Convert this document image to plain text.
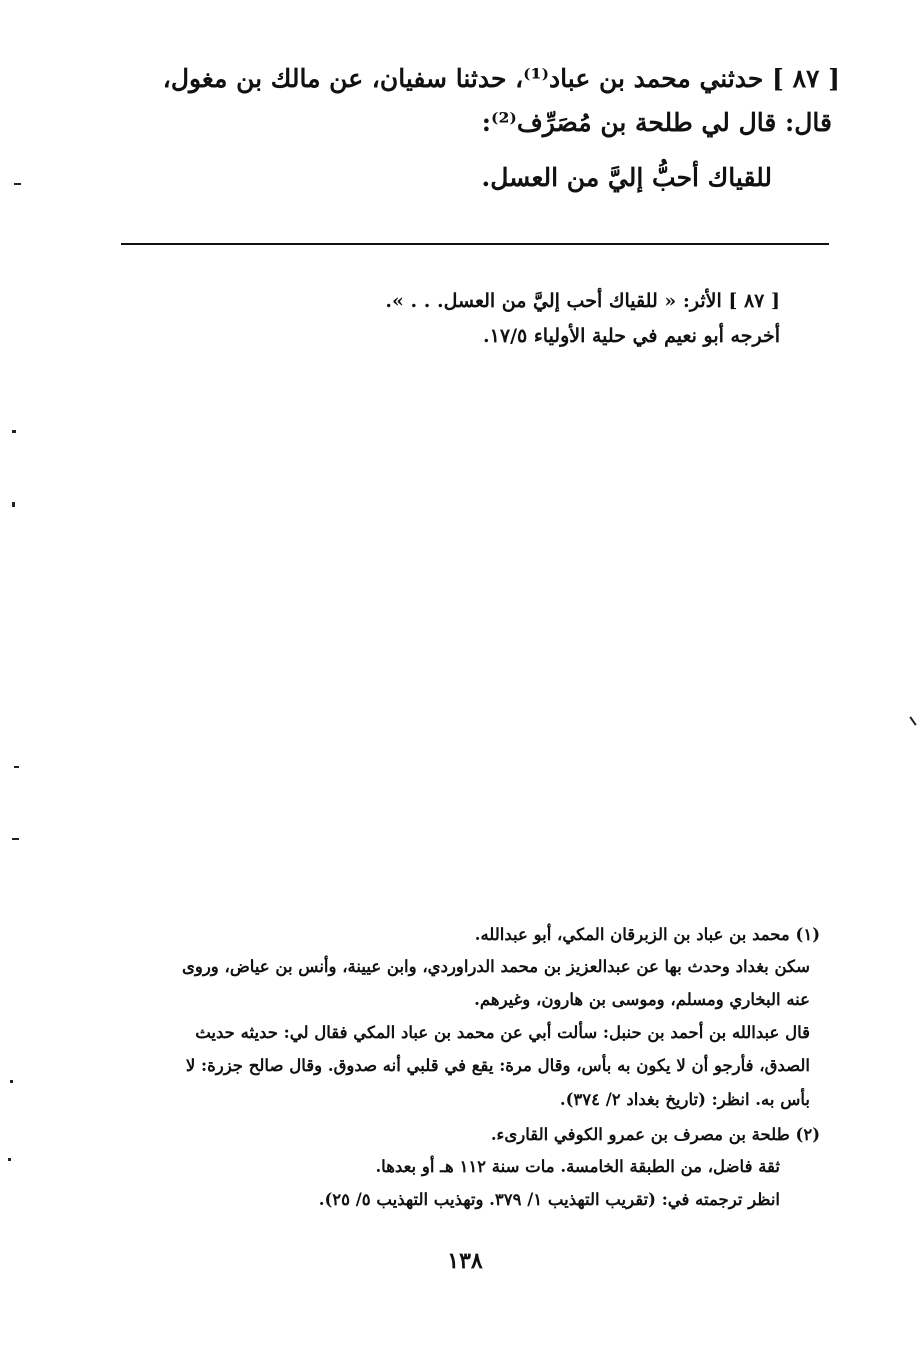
[ ٨٧ ] حدثني محمد بن عباد⁽¹⁾، حدثنا سفيان، عن مالك بن مغول،
قال: قال لي طلحة بن مُصَرِّف⁽²⁾:
للقياك أحبُّ إليَّ من العسل.
[ ٨٧ ] الأثر: « للقياك أحب إليَّ من العسل. . . ».
أخرجه أبو نعيم في حلية الأولياء ١٧/٥.
(١) محمد بن عباد بن الزبرقان المكي، أبو عبدالله.
سكن بغداد وحدث بها عن عبدالعزيز بن محمد الدراوردي، وابن عيينة، وأنس بن عياض، وروى
عنه البخاري ومسلم، وموسى بن هارون، وغيرهم.
قال عبدالله بن أحمد بن حنبل: سألت أبي عن محمد بن عباد المكي فقال لي: حديثه حديث
الصدق، فأرجو أن لا يكون به بأس، وقال مرة: يقع في قلبي أنه صدوق. وقال صالح جزرة: لا
بأس به. انظر: (تاريخ بغداد ٢/ ٣٧٤).
(٢) طلحة بن مصرف بن عمرو الكوفي القارىء.
ثقة فاضل، من الطبقة الخامسة. مات سنة ١١٢ هـ أو بعدها.
انظر ترجمته في: (تقريب التهذيب ١/ ٣٧٩. وتهذيب التهذيب ٥/ ٢٥).
١٣٨
